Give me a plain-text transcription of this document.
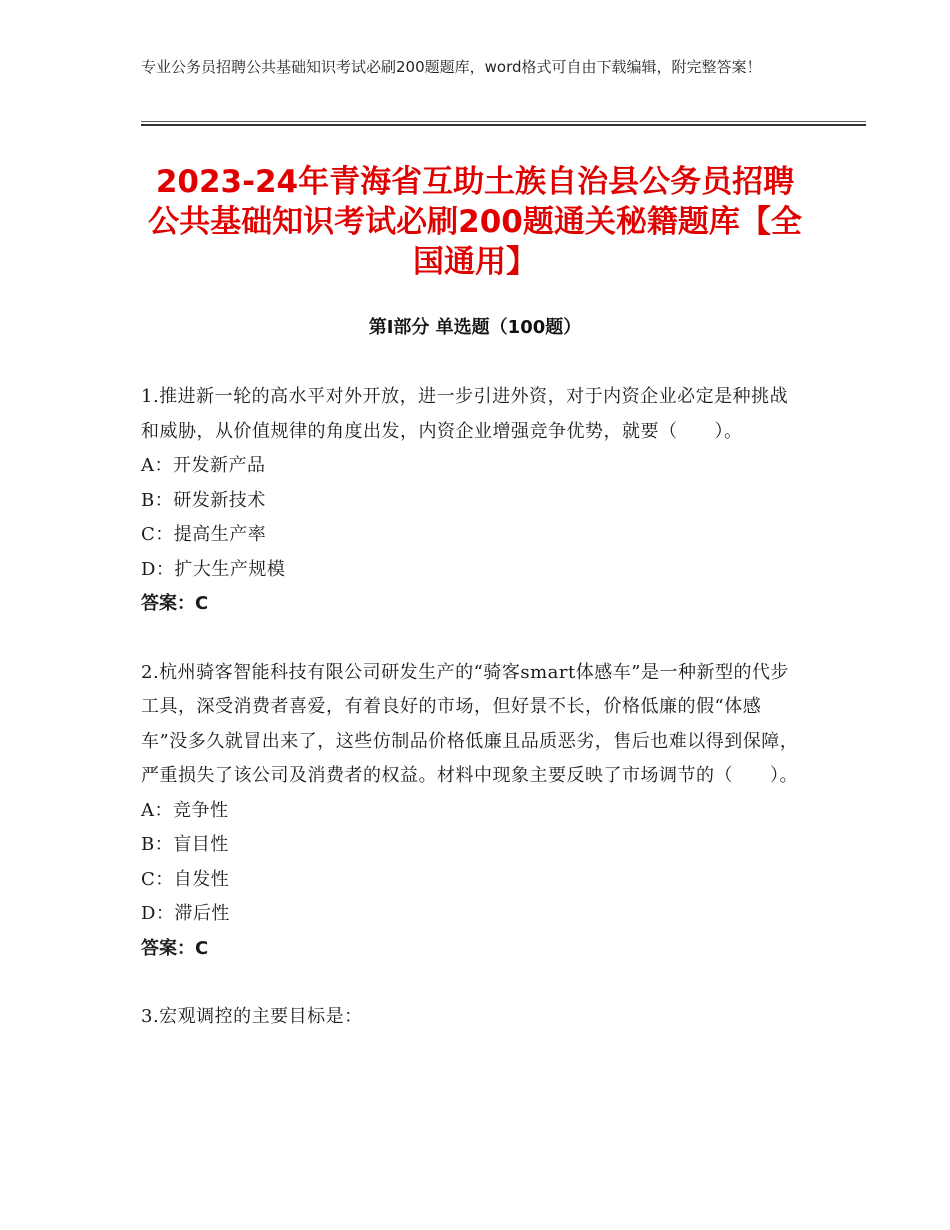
专业公务员招聘公共基础知识考试必刷200题题库，word格式可自由下载编辑，附完整答案！
2023-24年青海省互助土族自治县公务员招聘公共基础知识考试必刷200题通关秘籍题库【全国通用】
第Ⅰ部分 单选题（100题）
1.推进新一轮的高水平对外开放，进一步引进外资，对于内资企业必定是种挑战和威胁，从价值规律的角度出发，内资企业增强竞争优势，就要（　　）。
A：开发新产品
B：研发新技术
C：提高生产率
D：扩大生产规模
答案：C
2.杭州骑客智能科技有限公司研发生产的“骑客smart体感车”是一种新型的代步工具，深受消费者喜爱，有着良好的市场，但好景不长，价格低廉的假“体感车”没多久就冒出来了，这些仿制品价格低廉且品质恶劣，售后也难以得到保障，严重损失了该公司及消费者的权益。材料中现象主要反映了市场调节的（　　）。
A：竞争性
B：盲目性
C：自发性
D：滞后性
答案：C
3.宏观调控的主要目标是：
